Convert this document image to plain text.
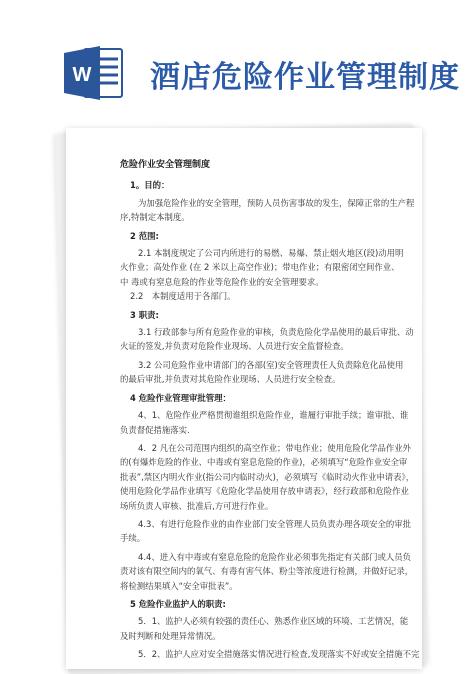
W 酒店危险作业管理制度

危险作业安全管理制度

1。目的：

为加强危险作业的安全管理，预防人员伤害事故的发生，保障正常的生产程

序,特制定本制度。

2 范围:

2.1 本制度规定了公司内所进行的易燃、易爆、禁止烟火地区(段)动用明

火作业；高处作业 (在 2 米以上高空作业)；带电作业；有限密闭空间作业、

中 毒或有窒息危险的作业等危险作业的安全管理要求。

2.2　本制度适用于各部门。

3 职责:

3.1 行政部参与所有危险作业的审核，负责危险化学品使用的最后审批、动

火证的签发,并负责对危险作业现场、人员进行安全监督检查。

3.2 公司危险作业申请部门的各部(室)安全管理责任人负责除危化品使用

的最后审批,并负责对其危险作业现场、人员进行安全检查。

4 危险作业管理审批管理：

4、1、危险作业严格贯彻谁组织危险作业，谁履行审批手续；谁审批、谁

负责督促措施落实.

4．2 凡在公司范围内组织的高空作业；带电作业；使用危险化学品作业外

的(有爆炸危险的作业、中毒或有窒息危险的作业)，必须填写“危险作业安全审

批表”,禁区内明火作业(指公司内临时动火)，必须填写《临时动火作业申请表》，

使用危险化学品作业填写《危险化学品使用存放申请表》，经行政部和危险作业

场所负责人审核、批准后,方可进行作业。

4.3、有进行危险作业的由作业部门安全管理人员负责办理各项安全的审批

手续。

4.4、进入有中毒或有窒息危险的危险作业必须事先指定有关部门或人员负

责对该有限空间内的氧气、有毒有害气体、粉尘等浓度进行检测，并做好记录，

将检测结果填入“安全审批表”。

5 危险作业监护人的职责:

5．1、监护人必须有较强的责任心、熟悉作业区域的环境、工艺情况，能

及时判断和处理异常情况。

5．2、监护人应对安全措施落实情况进行检查,发现落实不好或安全措施不完
